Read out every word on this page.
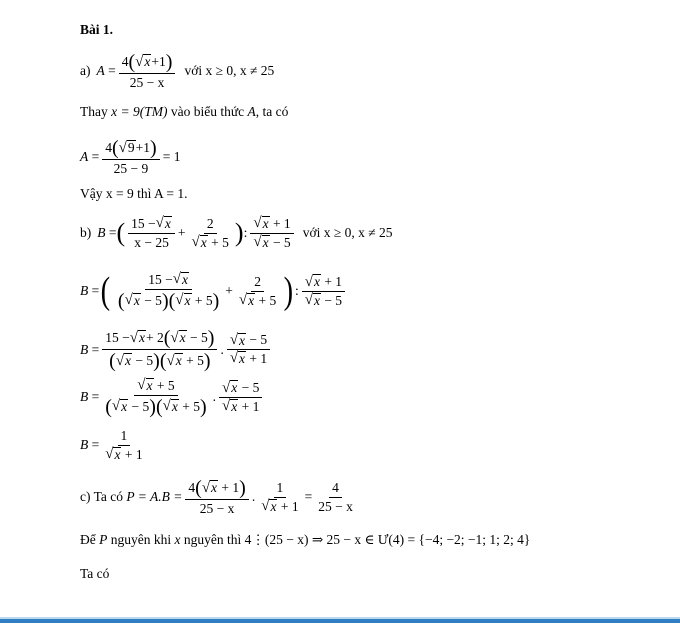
Bài 1.
a) $A = \frac{4 ( √ x +1 )}{25 - x}$ với
x ≥ 0, x ≠ 25
Thay
x = 9(TM)
vào biểu thức
A , ta có
$A = \frac{4 ( √ 9 +1 )}{25 - 9} = 1$
Vậy x = 9 thì A = 1.
b) B = ( $\frac{15 - √ x}{x - 25} + 2$
√ x
+ 5 ) : √ x
+ 1
√ x
− 5 với
x ≥ 0, x ≠ 25
B = ( 15 − √ x
( √ x
− 5 )( √ x
+ 5 ) + 2
√ x
+ 5 ) : √ x
+ 1
√ x
− 5
B = 15 − √ x + 2 ( √ x
− 5 )
( √ x
− 5 )( √ x
+ 5 ) . √ x
− 5
√ x
+ 1
B = √ x
+ 5
( √ x
− 5 )( √ x
+ 5 ) . √ x
− 5
√ x
+ 1
B = 1
√ x
+ 1
c) Ta có
P = A.B = 4 ( √ x
+ 1 )
25 − x . 1
√ x
+ $1 = \frac{4}{25 - x}$
Để
P
nguyên khi
x
nguyên thì
4⋮(25 − x) ⇒ 25 − x ∈ Ư(4) = {−4; −2; −1; 1; 2; 4}
Ta có
